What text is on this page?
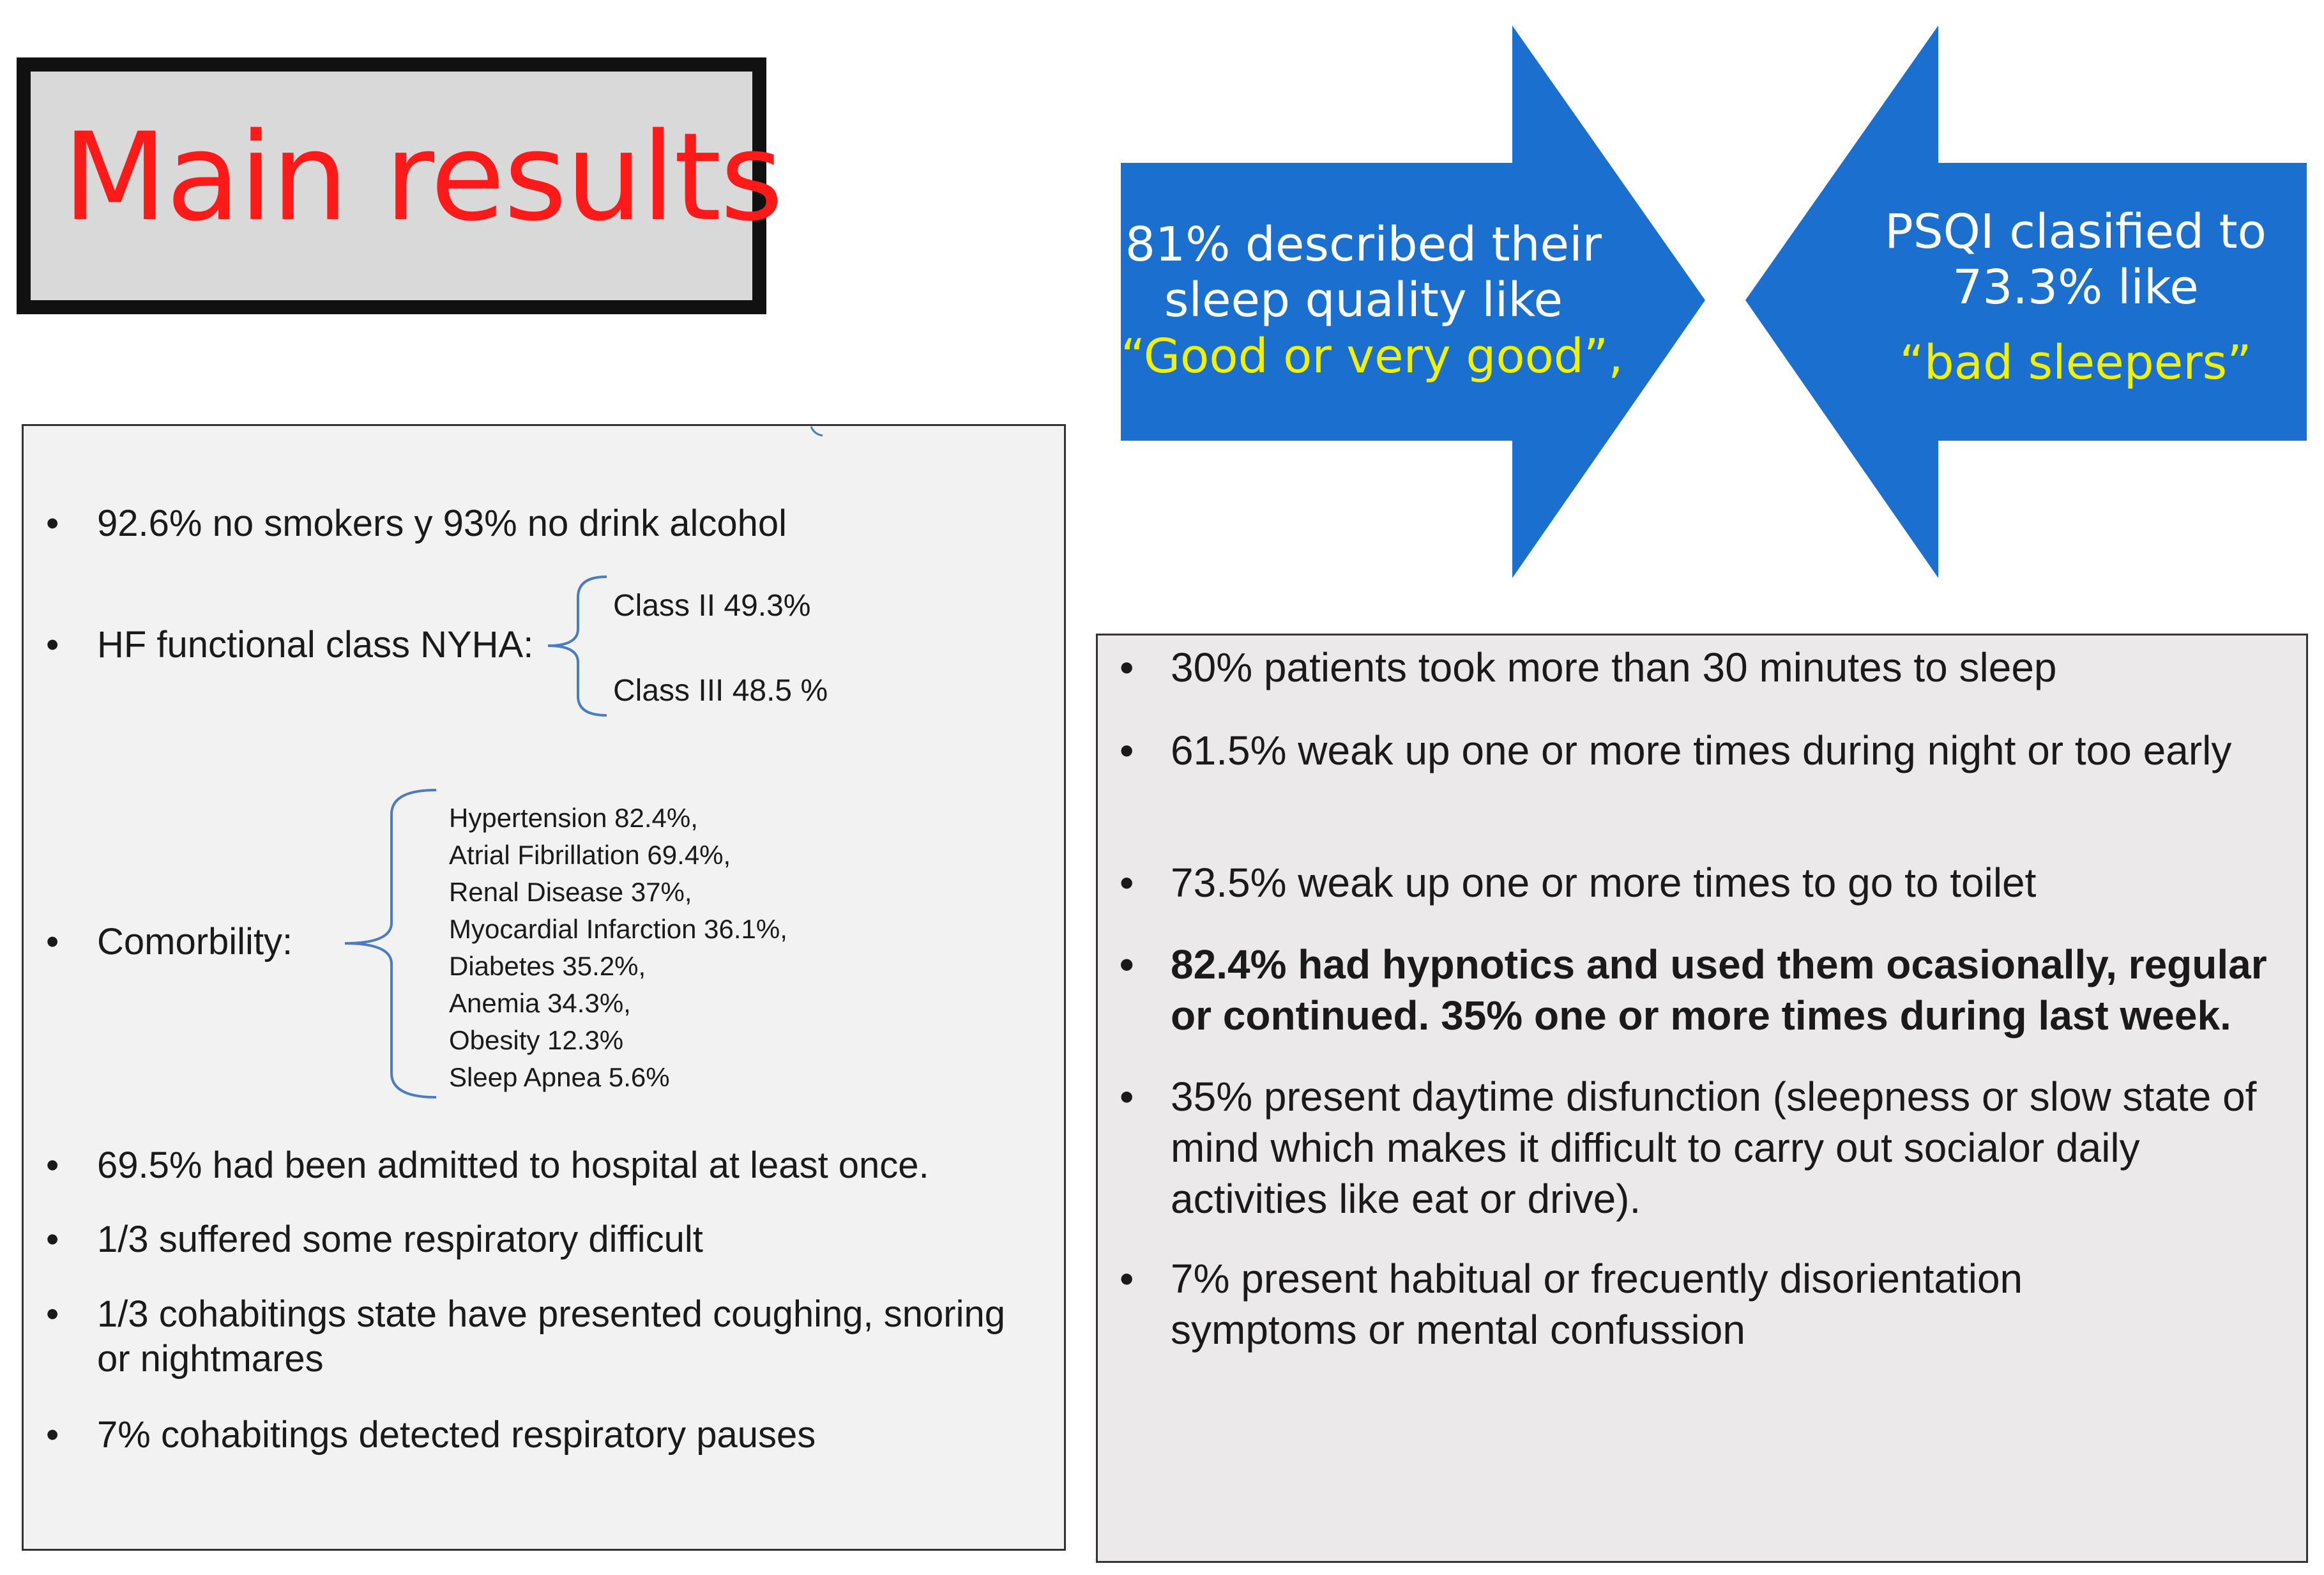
Main results	81% described their
sleep quality like
“Good or very good”,
PSQI clasified to
73.3% like
“bad sleepers”
• 92.6% no smokers y 93% no drink alcohol
• HF functional class NYHA:
Class II 49.3%
Class III 48.5 %
• Comorbility:
Hypertension 82.4%,
Atrial Fibrillation 69.4%,
Renal Disease 37%,
Myocardial Infarction 36.1%,
Diabetes 35.2%,
Anemia 34.3%,
Obesity 12.3%
Sleep Apnea 5.6%
• 69.5% had been admitted to hospital at least once.
• 1/3 suffered some respiratory difficult
• 1/3 cohabitings state have presented coughing, snoring
or nightmares
• 7% cohabitings detected respiratory pauses
• 30% patients took more than 30 minutes to sleep
• 61.5% weak up one or more times during night or too early
• 73.5% weak up one or more times to go to toilet
• 82.4% had hypnotics and used them ocasionally, regular or continued. 35% one or more times during last week.
• 35% present daytime disfunction (sleepness or slow state of mind which makes it difficult to carry out socialor daily activities like eat or drive).
• 7% present habitual or frecuently disorientation symptoms or mental confussion
